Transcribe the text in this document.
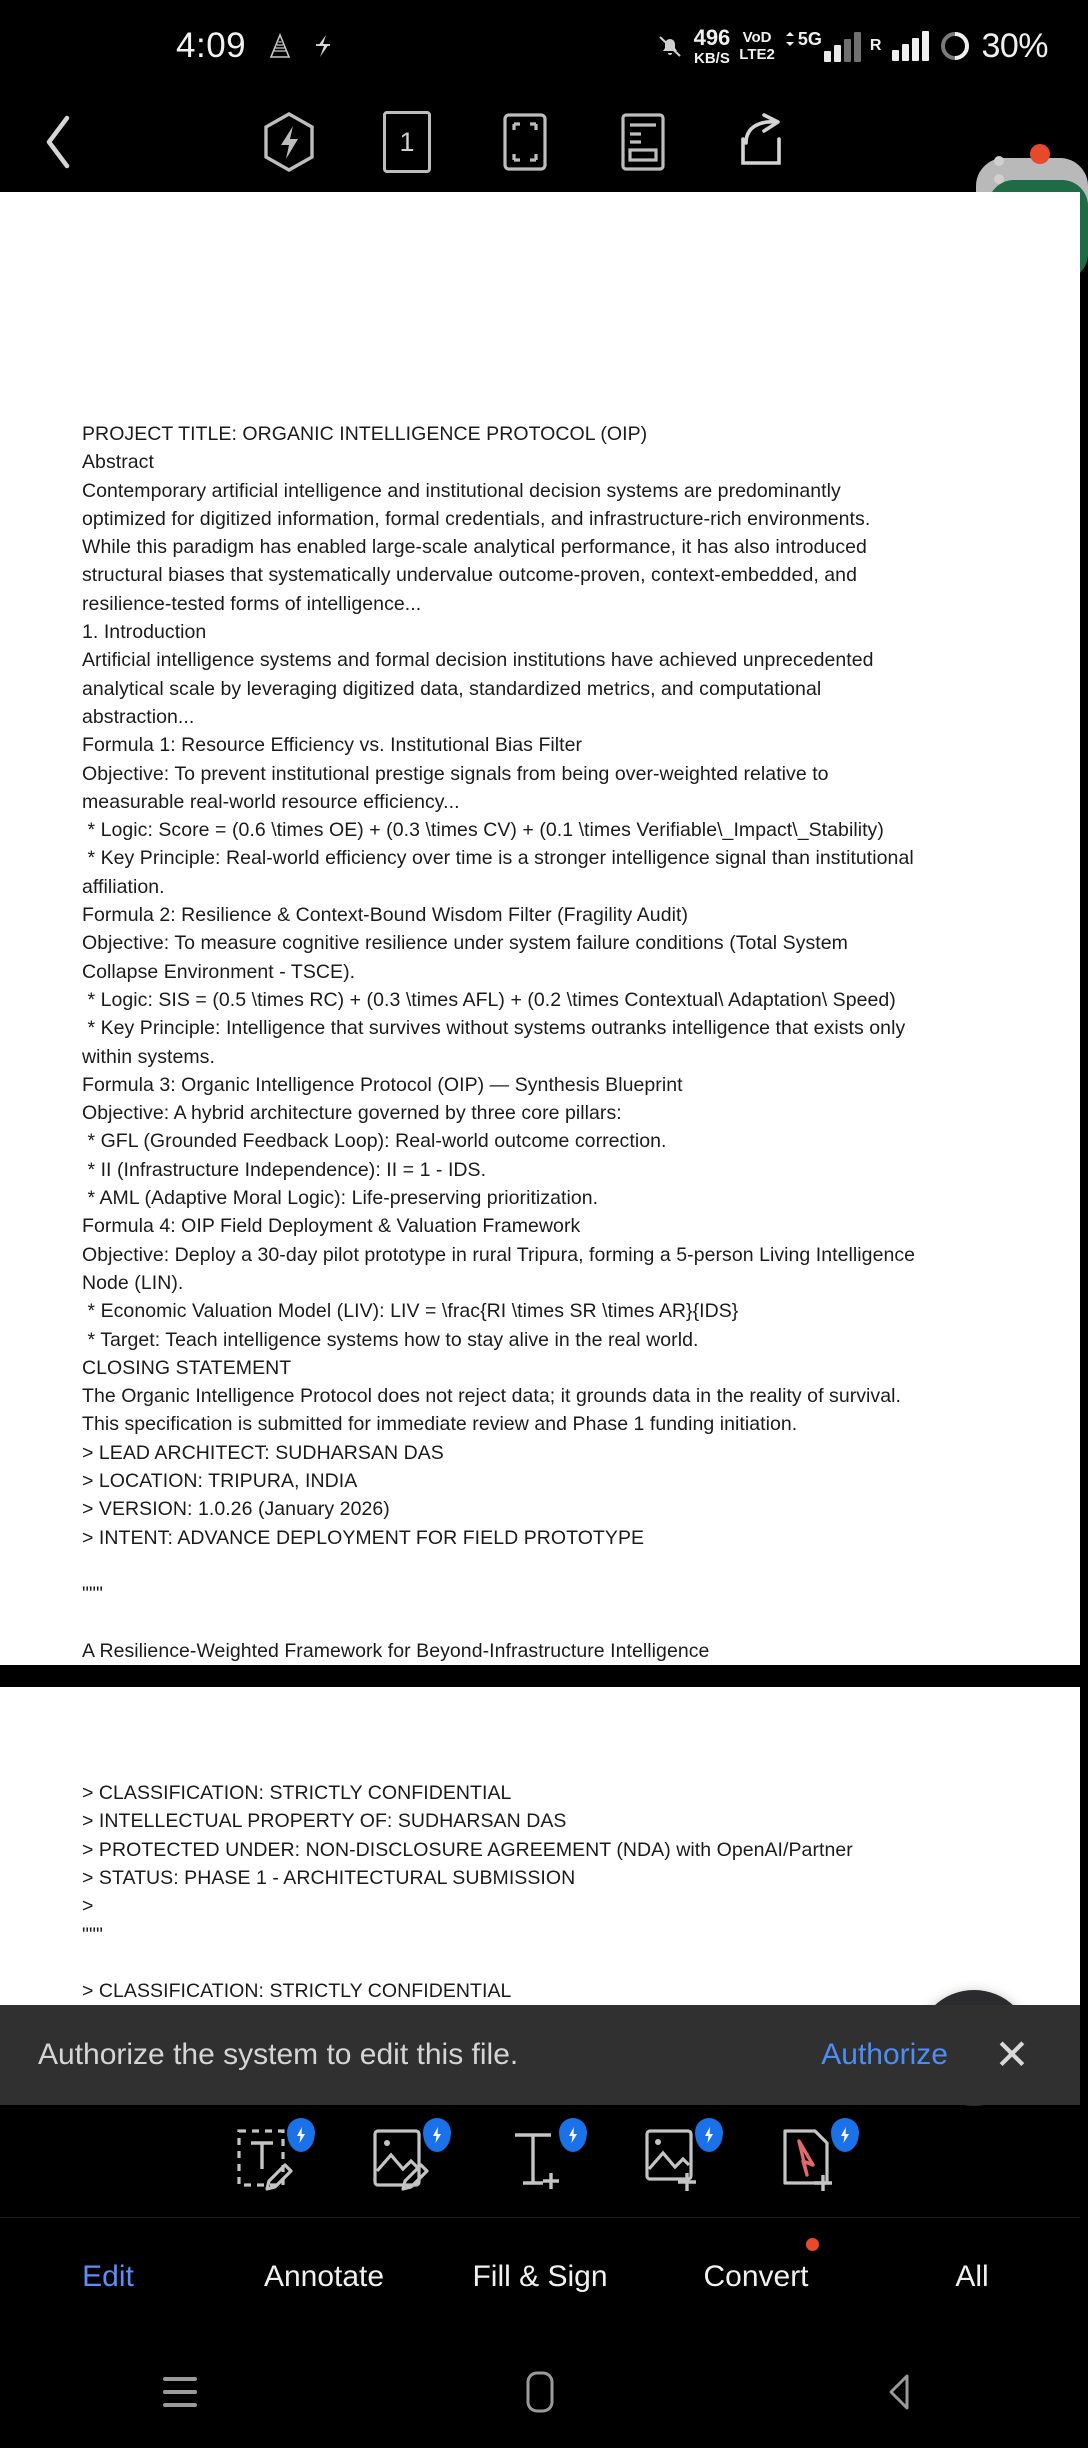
4:09	496
KB/S
VoD
LTE2
5G	R	30%
1
PROJECT TITLE: ORGANIC INTELLIGENCE PROTOCOL (OIP)
Abstract
Contemporary artificial intelligence and institutional decision systems are predominantly
optimized for digitized information, formal credentials, and infrastructure-rich environments.
While this paradigm has enabled large-scale analytical performance, it has also introduced
structural biases that systematically undervalue outcome-proven, context-embedded, and
resilience-tested forms of intelligence...
1. Introduction
Artificial intelligence systems and formal decision institutions have achieved unprecedented
analytical scale by leveraging digitized data, standardized metrics, and computational
abstraction...
Formula 1: Resource Efficiency vs. Institutional Bias Filter
Objective: To prevent institutional prestige signals from being over-weighted relative to
measurable real-world resource efficiency...
* Logic: Score = (0.6 \times OE) + (0.3 \times CV) + (0.1 \times Verifiable\_Impact\_Stability)
* Key Principle: Real-world efficiency over time is a stronger intelligence signal than institutional
affiliation.
Formula 2: Resilience & Context-Bound Wisdom Filter (Fragility Audit)
Objective: To measure cognitive resilience under system failure conditions (Total System
Collapse Environment - TSCE).
* Logic: SIS = (0.5 \times RC) + (0.3 \times AFL) + (0.2 \times Contextual\ Adaptation\ Speed)
* Key Principle: Intelligence that survives without systems outranks intelligence that exists only
within systems.
Formula 3: Organic Intelligence Protocol (OIP) — Synthesis Blueprint
Objective: A hybrid architecture governed by three core pillars:
* GFL (Grounded Feedback Loop): Real-world outcome correction.
* II (Infrastructure Independence): II = 1 - IDS.
* AML (Adaptive Moral Logic): Life-preserving prioritization.
Formula 4: OIP Field Deployment & Valuation Framework
Objective: Deploy a 30-day pilot prototype in rural Tripura, forming a 5-person Living Intelligence
Node (LIN).
* Economic Valuation Model (LIV): LIV = \frac{RI \times SR \times AR}{IDS}
* Target: Teach intelligence systems how to stay alive in the real world.
CLOSING STATEMENT
The Organic Intelligence Protocol does not reject data; it grounds data in the reality of survival.
This specification is submitted for immediate review and Phase 1 funding initiation.
> LEAD ARCHITECT: SUDHARSAN DAS
> LOCATION: TRIPURA, INDIA
> VERSION: 1.0.26 (January 2026)
> INTENT: ADVANCE DEPLOYMENT FOR FIELD PROTOTYPE

"""

A Resilience-Weighted Framework for Beyond-Infrastructure Intelligence
> CLASSIFICATION: STRICTLY CONFIDENTIAL
> INTELLECTUAL PROPERTY OF: SUDHARSAN DAS
> PROTECTED UNDER: NON-DISCLOSURE AGREEMENT (NDA) with OpenAI/Partner
> STATUS: PHASE 1 - ARCHITECTURAL SUBMISSION
>
"""

> CLASSIFICATION: STRICTLY CONFIDENTIAL
Authorize the system to edit this file.	Authorize ✕
Edit	Annotate	Fill & Sign	Convert	All
